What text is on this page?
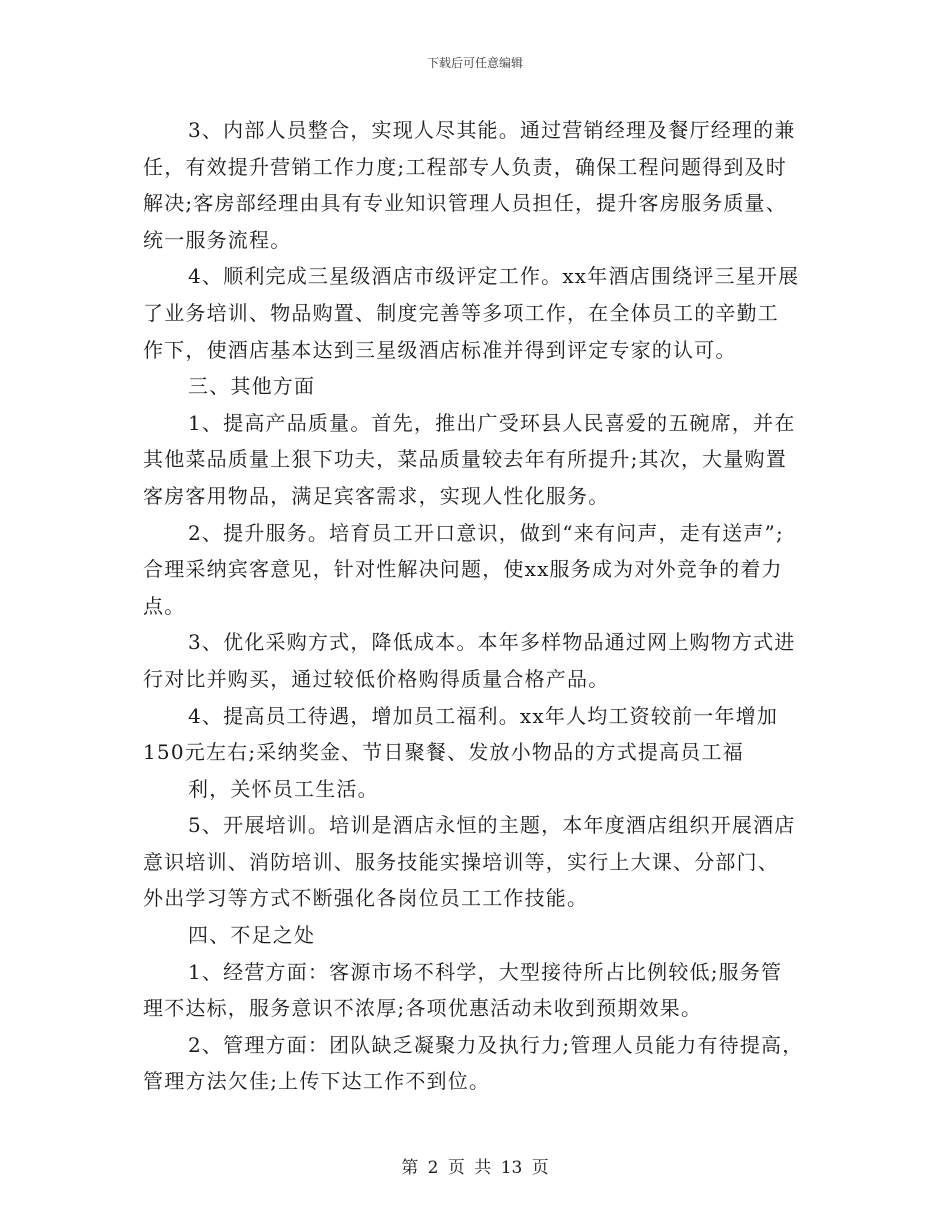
下载后可任意编辑
3、内部人员整合，实现人尽其能。通过营销经理及餐厅经理的兼
任，有效提升营销工作力度;工程部专人负责，确保工程问题得到及时
解决;客房部经理由具有专业知识管理人员担任，提升客房服务质量、
统一服务流程。
4、顺利完成三星级酒店市级评定工作。xx年酒店围绕评三星开展
了业务培训、物品购置、制度完善等多项工作，在全体员工的辛勤工
作下，使酒店基本达到三星级酒店标准并得到评定专家的认可。
三、其他方面
1、提高产品质量。首先，推出广受环县人民喜爱的五碗席，并在
其他菜品质量上狠下功夫，菜品质量较去年有所提升;其次，大量购置
客房客用物品，满足宾客需求，实现人性化服务。
2、提升服务。培育员工开口意识，做到“来有问声，走有送声”;
合理采纳宾客意见，针对性解决问题，使xx服务成为对外竞争的着力
点。
3、优化采购方式，降低成本。本年多样物品通过网上购物方式进
行对比并购买，通过较低价格购得质量合格产品。
4、提高员工待遇，增加员工福利。xx年人均工资较前一年增加
150元左右;采纳奖金、节日聚餐、发放小物品的方式提高员工福
利，关怀员工生活。
5、开展培训。培训是酒店永恒的主题，本年度酒店组织开展酒店
意识培训、消防培训、服务技能实操培训等，实行上大课、分部门、
外出学习等方式不断强化各岗位员工工作技能。
四、不足之处
1、经营方面：客源市场不科学，大型接待所占比例较低;服务管
理不达标，服务意识不浓厚;各项优惠活动未收到预期效果。
2、管理方面：团队缺乏凝聚力及执行力;管理人员能力有待提高，
管理方法欠佳;上传下达工作不到位。
第 2 页 共 13 页
